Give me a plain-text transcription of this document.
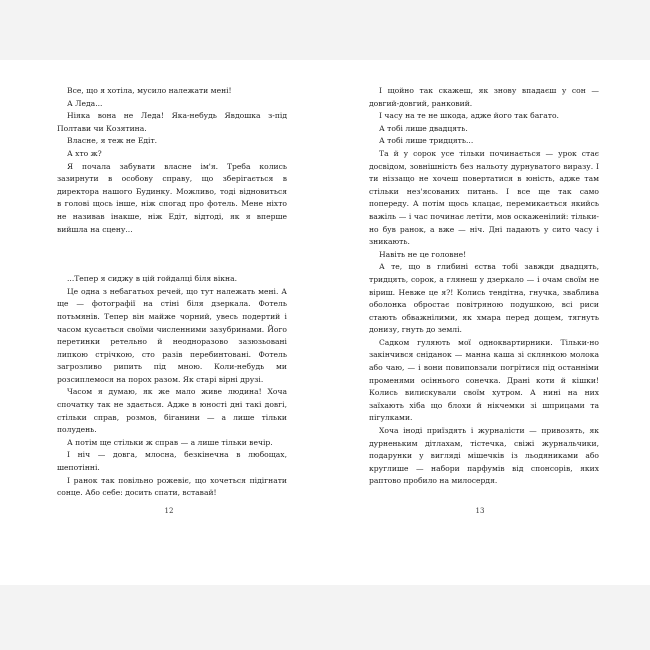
Все, що я хотіла, мусило належати мені!

А Леда...

Ніяка вона не Леда! Яка-небудь Явдошка з-під Полтави чи Козятина.

Власне, я теж не Едіт.

А хто ж?

Я почала забувати власне ім'я. Треба колись зазирнути в особову справу, що зберігається в директора нашого Будинку. Можливо, тоді відновиться в голові щось інше, ніж спогад про фотель. Мене ніхто не називав інакше, ніж Едіт, відтоді, як я вперше вийшла на сцену...

...Тепер я сиджу в цій гойдалці біля вікна.

Це одна з небагатьох речей, що тут належать мені. А ще — фотографії на стіні біля дзеркала. Фотель потьмянів. Тепер він майже чорний, увесь подертий і часом кусається своїми численними зазубринами. Його перетинки ретельно й неодноразово зазюзьовані липкою стрічкою, сто разів перебинтовані. Фотель загрозливо рипить під мною. Коли-небудь ми розсиплемося на порох разом. Як старі вірні друзі.

Часом я думаю, як же мало живе людина! Хоча спочатку так не здається. Адже в юності дні такі довгі, стільки справ, розмов, біганини — а лише тільки полудень.

А потім ще стільки ж справ — а лише тільки вечір.

І ніч — довга, млосна, безкінечна в любощах, шепотінні.

І ранок так повільно рожевіє, що хочеться підігнати сонце. Або себе: досить спати, вставай!

12

І щойно так скажеш, як знову впадаєш у сон — довгий-довгий, ранковий.

І часу на те не шкода, адже його так багато.

А тобі лише двадцять.

А тобі лише тридцять...

Та й у сорок усе тільки починається — урок стає досвідом, зовнішність без нальоту дурнуватого виразу. І ти ніззащо не хочеш повертатися в юність, адже там стільки нез'ясованих питань. І все ще так само попереду. А потім щось клацає, перемикається якийсь важіль — і час починає летіти, мов оскаженілий: тільки-но був ранок, а вже — ніч. Дні падають у сито часу і зникають.

Навіть не це головне!

А те, що в глибині єства тобі завжди двадцять, тридцять, сорок, а глянеш у дзеркало — і очам своїм не віриш. Невже це я?! Колись тендітна, гнучка, зваблива оболонка обростає повітряною подушкою, всі риси стають обважнілими, як хмара перед дощем, тягнуть донизу, гнуть до землі.

Садком гуляють мої одноквартирники. Тільки-но закінчився сніданок — манна каша зі склянкою молока або чаю, — і вони повиповзали погрітися під останніми променями осіннього сонечка. Драні коти й кішки! Колись вилискували своїм хутром. А нині на них заїхають хіба що блохи й нікчемки зі шприцами та пігулками.

Хоча іноді приїздять і журналісти — привозять, як дурненьким дітлахам, тістечка, свіжі журнальчики, подарунки у вигляді мішечків із льодяниками або круглише — набори парфумів від спонсорів, яких раптово пробило на милосердя.

13
